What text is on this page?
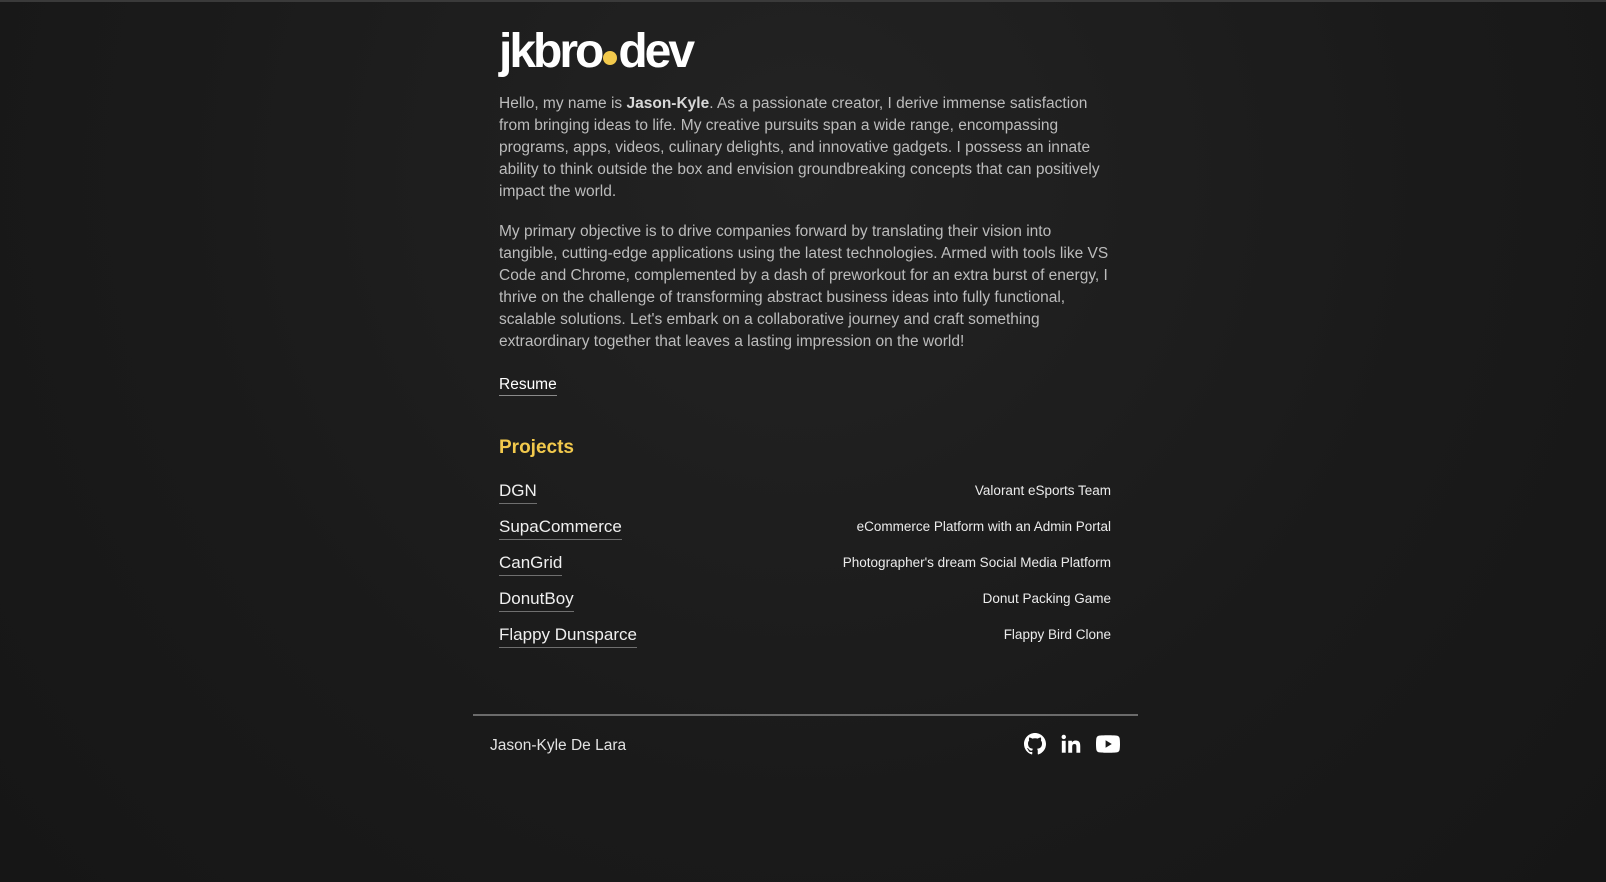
jkbro dev

Hello, my name is Jason-Kyle. As a passionate creator, I derive immense satisfaction from bringing ideas to life. My creative pursuits span a wide range, encompassing programs, apps, videos, culinary delights, and innovative gadgets. I possess an innate ability to think outside the box and envision groundbreaking concepts that can positively impact the world.

My primary objective is to drive companies forward by translating their vision into tangible, cutting-edge applications using the latest technologies. Armed with tools like VS Code and Chrome, complemented by a dash of preworkout for an extra burst of energy, I thrive on the challenge of transforming abstract business ideas into fully functional, scalable solutions. Let's embark on a collaborative journey and craft something extraordinary together that leaves a lasting impression on the world!

Resume
Projects
DGN	Valorant eSports Team
SupaCommerce	eCommerce Platform with an Admin Portal
CanGrid	Photographer's dream Social Media Platform
DonutBoy	Donut Packing Game
Flappy Dunsparce	Flappy Bird Clone
Jason-Kyle De Lara
